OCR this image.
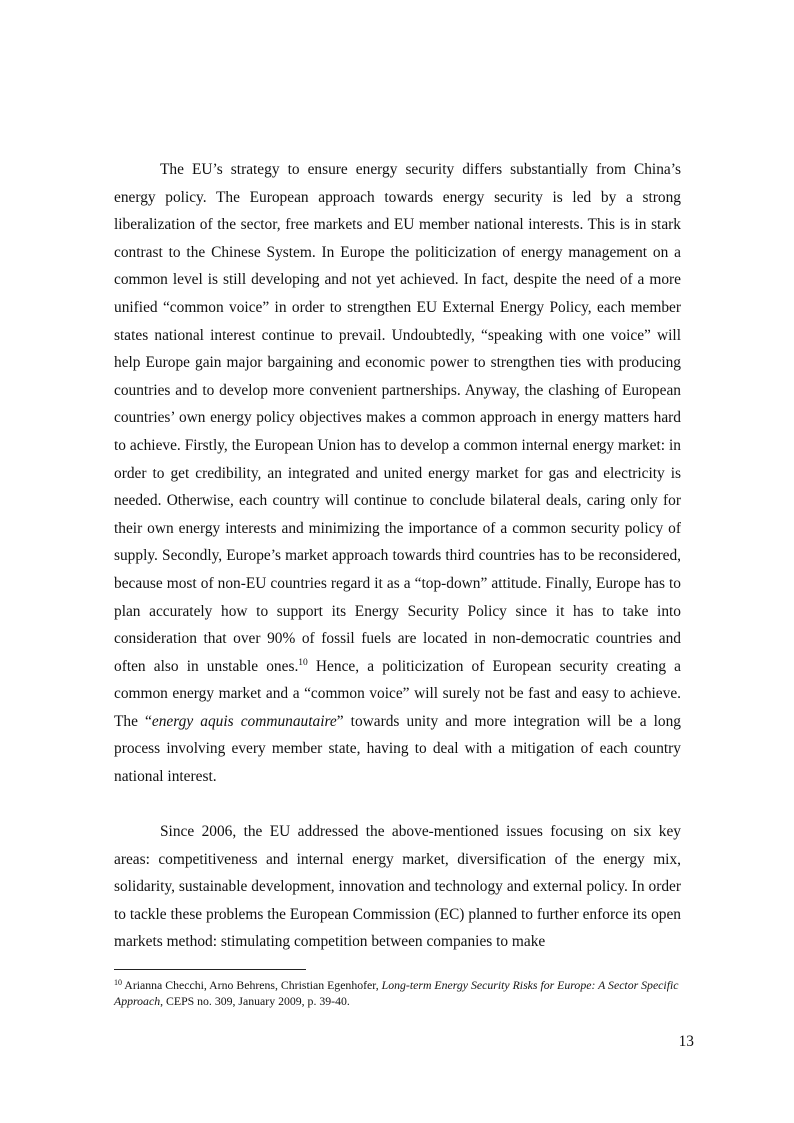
The EU’s strategy to ensure energy security differs substantially from China’s energy policy. The European approach towards energy security is led by a strong liberalization of the sector, free markets and EU member national interests. This is in stark contrast to the Chinese System. In Europe the politicization of energy management on a common level is still developing and not yet achieved. In fact, despite the need of a more unified “common voice” in order to strengthen EU External Energy Policy, each member states national interest continue to prevail. Undoubtedly, “speaking with one voice” will help Europe gain major bargaining and economic power to strengthen ties with producing countries and to develop more convenient partnerships. Anyway, the clashing of European countries’ own energy policy objectives makes a common approach in energy matters hard to achieve. Firstly, the European Union has to develop a common internal energy market: in order to get credibility, an integrated and united energy market for gas and electricity is needed. Otherwise, each country will continue to conclude bilateral deals, caring only for their own energy interests and minimizing the importance of a common security policy of supply. Secondly, Europe’s market approach towards third countries has to be reconsidered, because most of non-EU countries regard it as a “top-down” attitude. Finally, Europe has to plan accurately how to support its Energy Security Policy since it has to take into consideration that over 90% of fossil fuels are located in non-democratic countries and often also in unstable ones.$^{10}$ Hence, a politicization of European security creating a common energy market and a “common voice” will surely not be fast and easy to achieve. The “energy aquis communautaire” towards unity and more integration will be a long process involving every member state, having to deal with a mitigation of each country national interest.

Since 2006, the EU addressed the above-mentioned issues focusing on six key areas: competitiveness and internal energy market, diversification of the energy mix, solidarity, sustainable development, innovation and technology and external policy. In order to tackle these problems the European Commission (EC) planned to further enforce its open markets method: stimulating competition between companies to make

$^{10}$ Arianna Checchi, Arno Behrens, Christian Egenhofer, Long-term Energy Security Risks for Europe: A Sector Specific Approach, CEPS no. 309, January 2009, p. 39-40.

13
